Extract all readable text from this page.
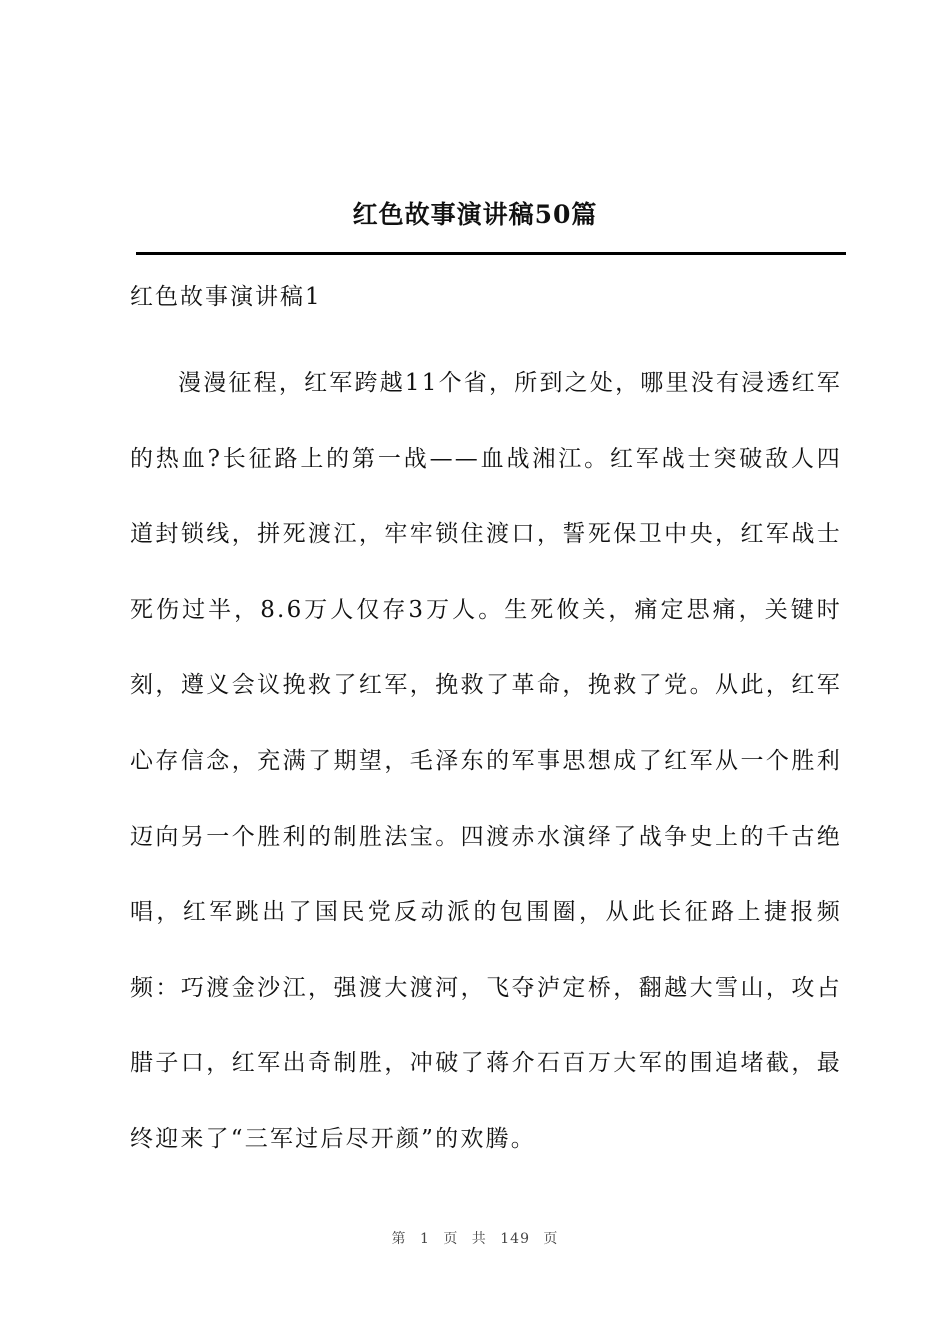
红色故事演讲稿50篇
红色故事演讲稿1

漫漫征程，红军跨越11个省，所到之处，哪里没有浸透红军的热血?长征路上的第一战——血战湘江。红军战士突破敌人四道封锁线，拼死渡江，牢牢锁住渡口，誓死保卫中央，红军战士死伤过半，8.6万人仅存3万人。生死攸关，痛定思痛，关键时刻，遵义会议挽救了红军，挽救了革命，挽救了党。从此，红军心存信念，充满了期望，毛泽东的军事思想成了红军从一个胜利迈向另一个胜利的制胜法宝。四渡赤水演绎了战争史上的千古绝唱，红军跳出了国民党反动派的包围圈，从此长征路上捷报频频：巧渡金沙江，强渡大渡河，飞夺泸定桥，翻越大雪山，攻占腊子口，红军出奇制胜，冲破了蒋介石百万大军的围追堵截，最终迎来了“三军过后尽开颜”的欢腾。

第 1 页 共 149 页
